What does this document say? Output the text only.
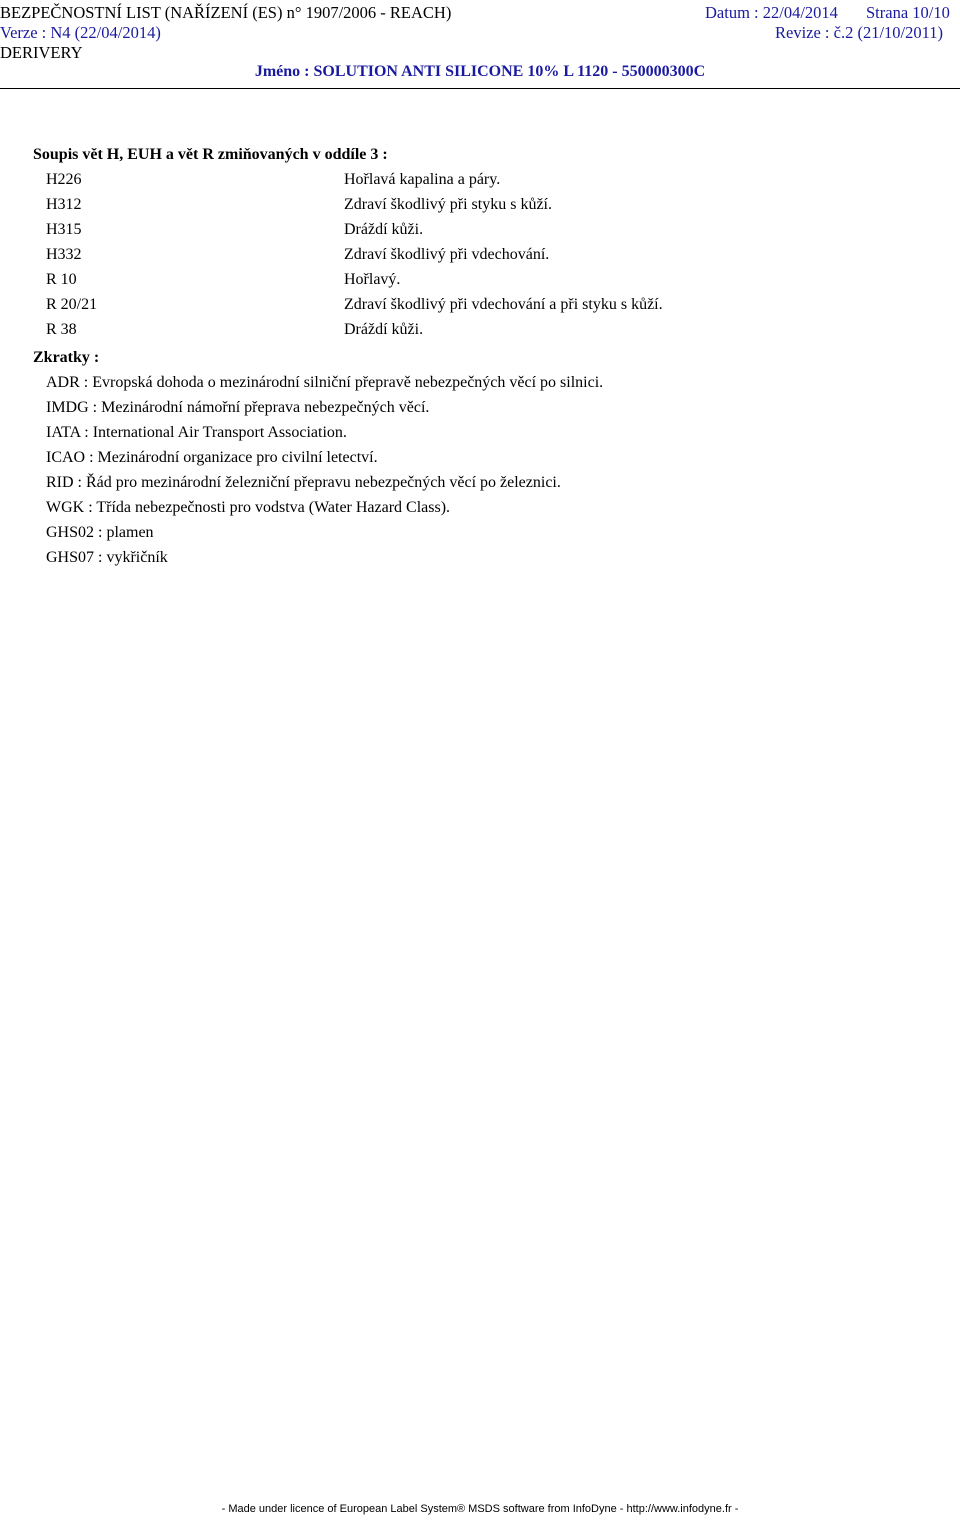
BEZPEČNOSTNÍ LIST (NAŘÍZENÍ (ES) n° 1907/2006 - REACH)	Datum : 22/04/2014 Strana 10/10
Verze : N4 (22/04/2014)	Revize : č.2 (21/10/2011)
DERIVERY
Jméno : SOLUTION ANTI SILICONE 10% L 1120 - 550000300C
Soupis vět H, EUH a vět R zmiňovaných v oddíle 3 :
H226	Hořlavá kapalina a páry.
H312	Zdraví škodlivý při styku s kůží.
H315	Dráždí kůži.
H332	Zdraví škodlivý při vdechování.
R 10	Hořlavý.
R 20/21	Zdraví škodlivý při vdechování a při styku s kůží.
R 38	Dráždí kůži.
Zkratky :
ADR : Evropská dohoda o mezinárodní silniční přepravě nebezpečných věcí po silnici.
IMDG : Mezinárodní námořní přeprava nebezpečných věcí.
IATA : International Air Transport Association.
ICAO : Mezinárodní organizace pro civilní letectví.
RID : Řád pro mezinárodní železniční přepravu nebezpečných věcí po železnici.
WGK : Třída nebezpečnosti pro vodstva (Water Hazard Class).
GHS02 : plamen
GHS07 : vykřičník
- Made under licence of European Label System® MSDS software from InfoDyne - http://www.infodyne.fr -
